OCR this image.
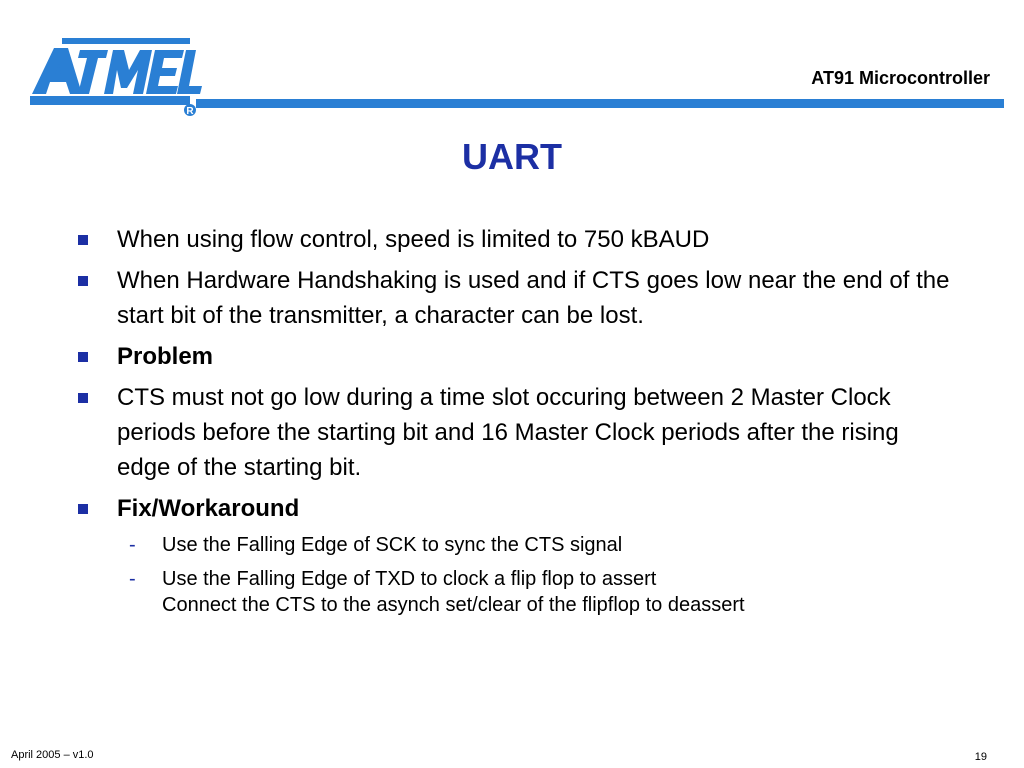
R
AT91 Microcontroller
UART
When using flow control, speed is limited to 750 kBAUD
When Hardware Handshaking is used and if CTS goes low near the end of the start bit of the transmitter, a character can be lost.
Problem
CTS must not go low during a time slot occuring between 2 Master Clock periods before the starting bit and 16 Master Clock periods after the rising edge of the starting bit.
Fix/Workaround
-	Use the Falling Edge of SCK to sync the CTS signal
-	Use the Falling Edge of TXD to clock a flip flop to assert
Connect the CTS to the asynch set/clear of the flipflop to deassert
April 2005 – v1.0	19
